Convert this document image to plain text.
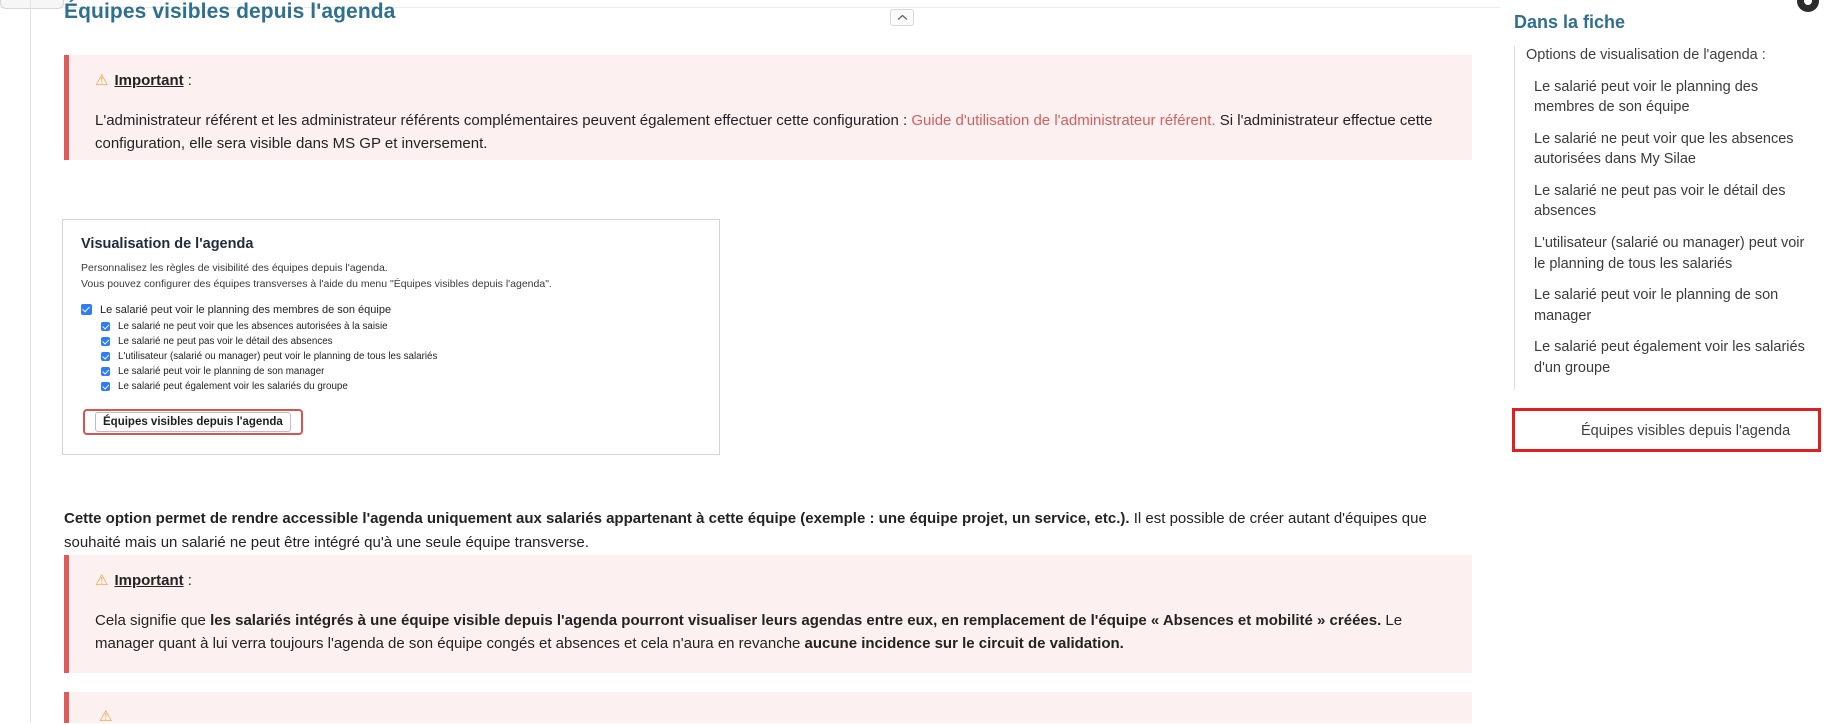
Équipes visibles depuis l'agenda
⚠ Important :

L'administrateur référent et les administrateur référents complémentaires peuvent également effectuer cette configuration : Guide d'utilisation de l'administrateur référent. Si l'administrateur effectue cette configuration, elle sera visible dans MS GP et inversement.

Visualisation de l'agenda
Personnalisez les règles de visibilité des équipes depuis l'agenda.
Vous pouvez configurer des équipes transverses à l'aide du menu "Équipes visibles depuis l'agenda".
Le salarié peut voir le planning des membres de son équipe
Le salarié ne peut voir que les absences autorisées à la saisie
Le salarié ne peut pas voir le détail des absences
L'utilisateur (salarié ou manager) peut voir le planning de tous les salariés
Le salarié peut voir le planning de son manager
Le salarié peut également voir les salariés du groupe
Équipes visibles depuis l'agenda

Cette option permet de rendre accessible l'agenda uniquement aux salariés appartenant à cette équipe (exemple : une équipe projet, un service, etc.). Il est possible de créer autant d'équipes que souhaité mais un salarié ne peut être intégré qu'à une seule équipe transverse.

⚠ Important :

Cela signifie que les salariés intégrés à une équipe visible depuis l'agenda pourront visualiser leurs agendas entre eux, en remplacement de l'équipe « Absences et mobilité » créées. Le manager quant à lui verra toujours l'agenda de son équipe congés et absences et cela n'aura en revanche aucune incidence sur le circuit de validation.

⚠
Dans la fiche
Options de visualisation de l'agenda :
Le salarié peut voir le planning des membres de son équipe
Le salarié ne peut voir que les absences autorisées dans My Silae
Le salarié ne peut pas voir le détail des absences
L'utilisateur (salarié ou manager) peut voir le planning de tous les salariés
Le salarié peut voir le planning de son manager
Le salarié peut également voir les salariés d'un groupe
Équipes visibles depuis l'agenda
